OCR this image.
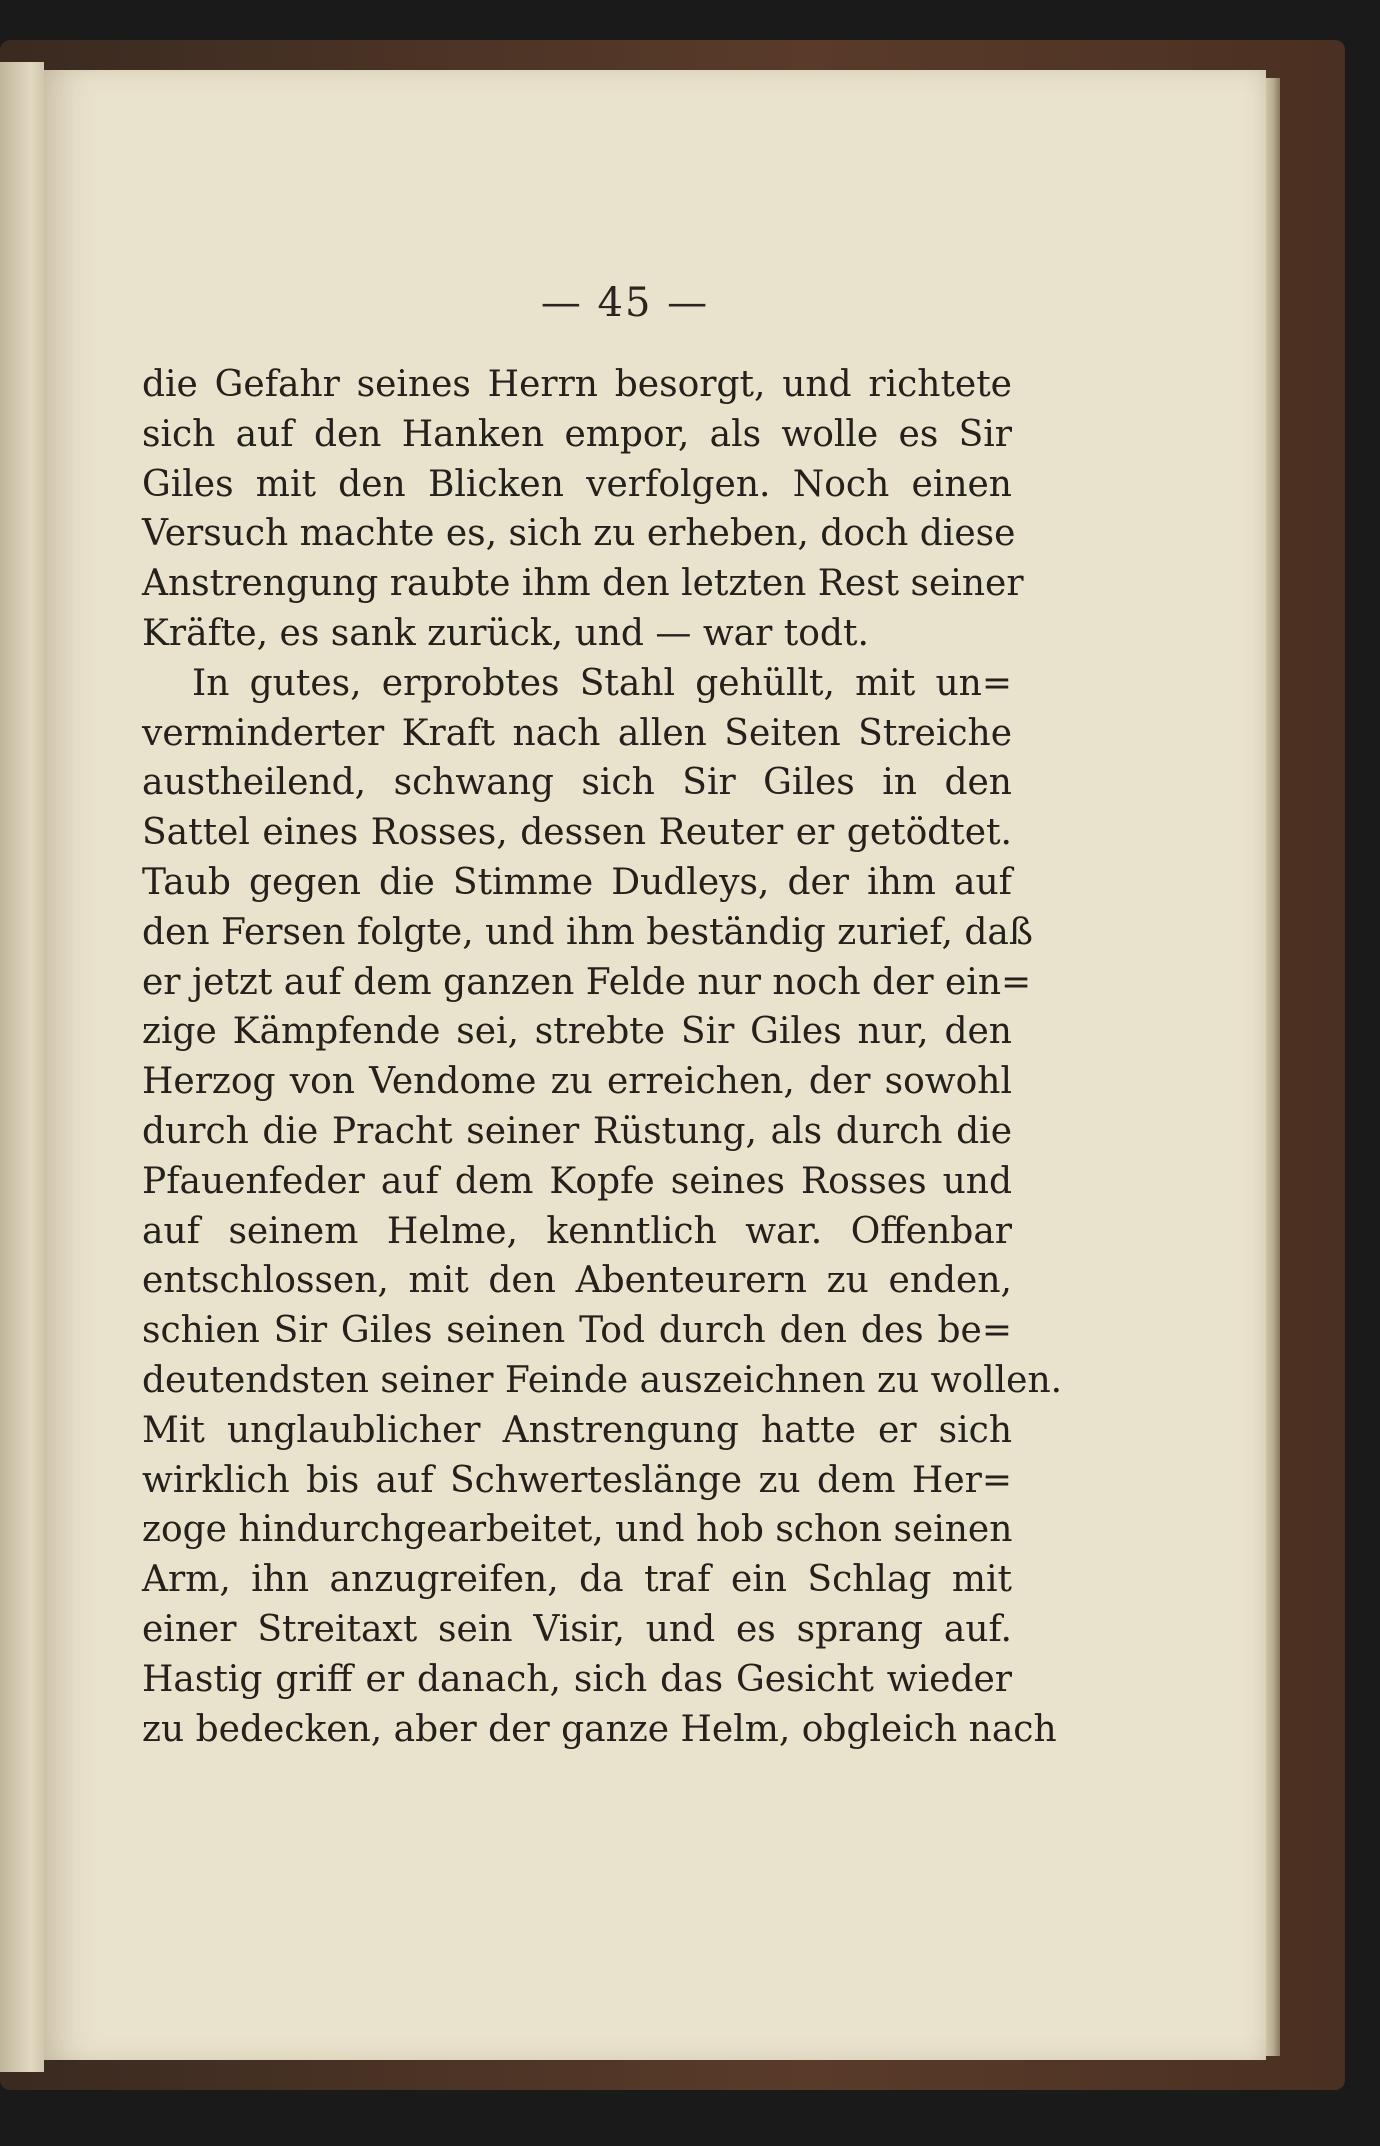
— 45 —
die Gefahr seines Herrn besorgt, und richtete
sich auf den Hanken empor, als wolle es Sir
Giles mit den Blicken verfolgen. Noch einen
Versuch machte es, sich zu erheben, doch diese
Anstrengung raubte ihm den letzten Rest seiner
Kräfte, es sank zurück, und — war todt.
In gutes, erprobtes Stahl gehüllt, mit un=
verminderter Kraft nach allen Seiten Streiche
austheilend, schwang sich Sir Giles in den
Sattel eines Rosses, dessen Reuter er getödtet.
Taub gegen die Stimme Dudleys, der ihm auf
den Fersen folgte, und ihm beständig zurief, daß
er jetzt auf dem ganzen Felde nur noch der ein=
zige Kämpfende sei, strebte Sir Giles nur, den
Herzog von Vendome zu erreichen, der sowohl
durch die Pracht seiner Rüstung, als durch die
Pfauenfeder auf dem Kopfe seines Rosses und
auf seinem Helme, kenntlich war. Offenbar
entschlossen, mit den Abenteurern zu enden,
schien Sir Giles seinen Tod durch den des be=
deutendsten seiner Feinde auszeichnen zu wollen.
Mit unglaublicher Anstrengung hatte er sich
wirklich bis auf Schwerteslänge zu dem Her=
zoge hindurchgearbeitet, und hob schon seinen
Arm, ihn anzugreifen, da traf ein Schlag mit
einer Streitaxt sein Visir, und es sprang auf.
Hastig griff er danach, sich das Gesicht wieder
zu bedecken, aber der ganze Helm, obgleich nach
